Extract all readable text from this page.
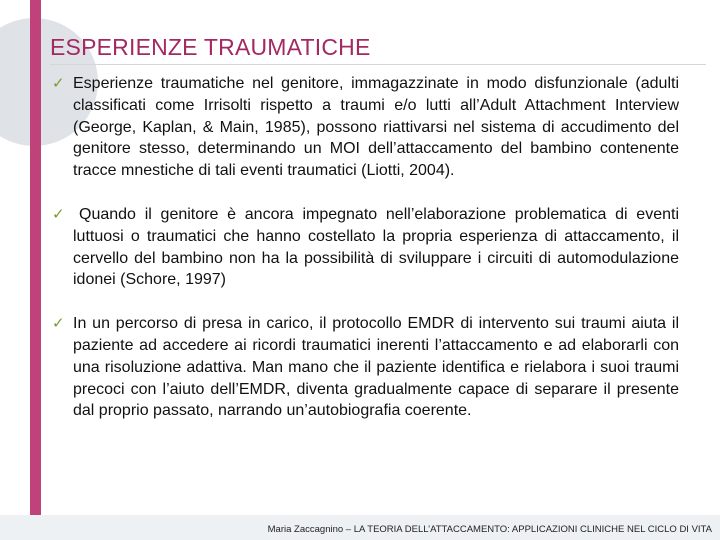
ESPERIENZE TRAUMATICHE
✓ Esperienze traumatiche nel genitore, immagazzinate in modo disfunzionale (adulti classificati come Irrisolti rispetto a traumi e/o lutti all’Adult Attachment Interview (George, Kaplan, & Main, 1985), possono riattivarsi nel sistema di accudimento del genitore stesso, determinando un MOI dell’attaccamento del bambino contenente tracce mnestiche di tali eventi traumatici (Liotti, 2004).

✓ Quando il genitore è ancora impegnato nell’elaborazione problematica di eventi luttuosi o traumatici che hanno costellato la propria esperienza di attaccamento, il cervello del bambino non ha la possibilità di sviluppare i circuiti di automodulazione idonei (Schore, 1997)

✓ In un percorso di presa in carico, il protocollo EMDR di intervento sui traumi aiuta il paziente ad accedere ai ricordi traumatici inerenti l’attaccamento e ad elaborarli con una risoluzione adattiva. Man mano che il paziente identifica e rielabora i suoi traumi precoci con l’aiuto dell’EMDR, diventa gradualmente capace di separare il presente dal proprio passato, narrando un’autobiografia coerente.

Maria Zaccagnino – LA TEORIA DELL’ATTACCAMENTO: APPLICAZIONI CLINICHE NEL CICLO DI VITA
